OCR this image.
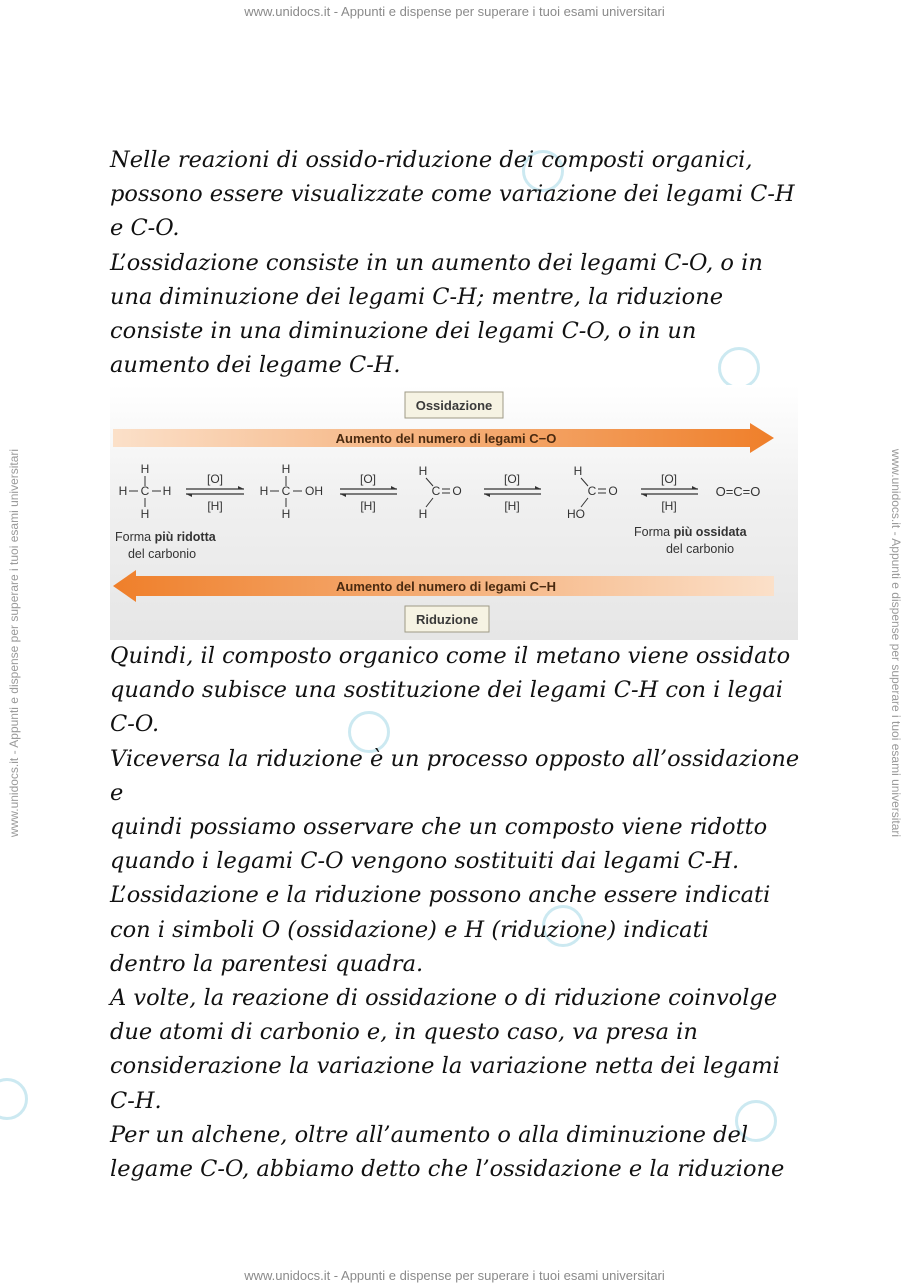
www.unidocs.it - Appunti e dispense per superare i tuoi esami universitari
www.unidocs.it - Appunti e dispense per superare i tuoi esami universitari
www.unidocs.it - Appunti e dispense per superare i tuoi esami universitari	www.unidocs.it - Appunti e dispense per superare i tuoi esami universitari
Nelle reazioni di ossido-riduzione dei composti organici,
possono essere visualizzate come variazione dei legami C-H
e C-O.
L’ossidazione consiste in un aumento dei legami C-O, o in
una diminuzione dei legami C-H; mentre, la riduzione
consiste in una diminuzione dei legami C-O, o in un
aumento dei legame C-H.
Ossidazione
Aumento del numero di legami C−O
H
H C H
H
[O]
[H]
H
H C OH
H
[O]
[H]
H
C O
H
[O]
[H]
H
C O
HO
[O]
[H]
O=C=O
Forma più ridotta
del carbonio
Forma più ossidata
del carbonio
Aumento del numero di legami C−H
Riduzione
Quindi, il composto organico come il metano viene ossidato
quando subisce una sostituzione dei legami C-H con i legai
C-O.
Viceversa la riduzione è un processo opposto all’ossidazione e
quindi possiamo osservare che un composto viene ridotto
quando i legami C-O vengono sostituiti dai legami C-H.
L’ossidazione e la riduzione possono anche essere indicati
con i simboli O (ossidazione) e H (riduzione) indicati
dentro la parentesi quadra.
A volte, la reazione di ossidazione o di riduzione coinvolge
due atomi di carbonio e, in questo caso, va presa in
considerazione la variazione la variazione netta dei legami
C-H.
Per un alchene, oltre all’aumento o alla diminuzione del
legame C-O, abbiamo detto che l’ossidazione e la riduzione
